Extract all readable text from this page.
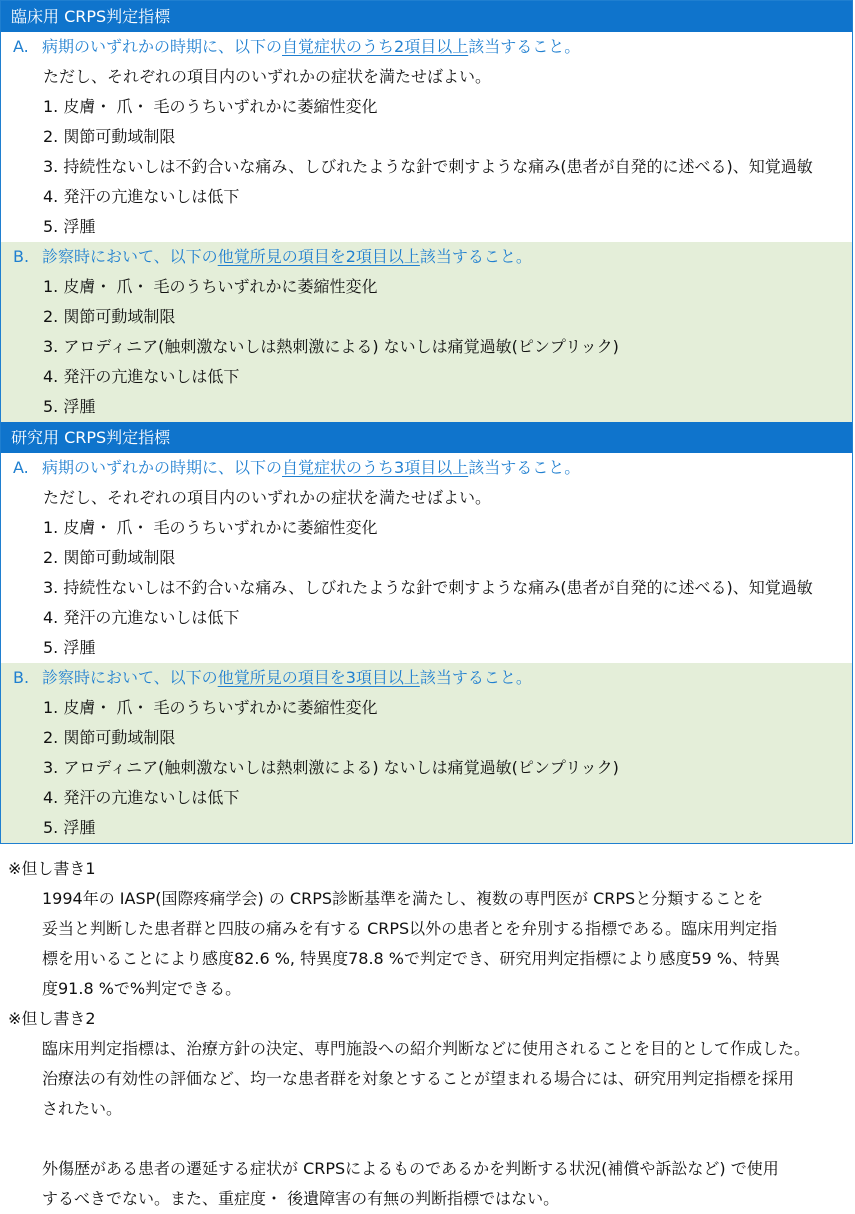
臨床用 CRPS判定指標
A. 病期のいずれかの時期に、以下の自覚症状のうち2項目以上該当すること。
ただし、それぞれの項目内のいずれかの症状を満たせばよい。
1. 皮膚・ 爪・ 毛のうちいずれかに萎縮性変化
2. 関節可動域制限
3. 持続性ないしは不釣合いな痛み、しびれたような針で刺すような痛み(患者が自発的に述べる)、知覚過敏
4. 発汗の亢進ないしは低下
5. 浮腫
B. 診察時において、以下の他覚所見の項目を2項目以上該当すること。
1. 皮膚・ 爪・ 毛のうちいずれかに萎縮性変化
2. 関節可動域制限
3. アロディニア(触刺激ないしは熱刺激による) ないしは痛覚過敏(ピンプリック)
4. 発汗の亢進ないしは低下
5. 浮腫
研究用 CRPS判定指標
A. 病期のいずれかの時期に、以下の自覚症状のうち3項目以上該当すること。
ただし、それぞれの項目内のいずれかの症状を満たせばよい。
1. 皮膚・ 爪・ 毛のうちいずれかに萎縮性変化
2. 関節可動域制限
3. 持続性ないしは不釣合いな痛み、しびれたような針で刺すような痛み(患者が自発的に述べる)、知覚過敏
4. 発汗の亢進ないしは低下
5. 浮腫
B. 診察時において、以下の他覚所見の項目を3項目以上該当すること。
1. 皮膚・ 爪・ 毛のうちいずれかに萎縮性変化
2. 関節可動域制限
3. アロディニア(触刺激ないしは熱刺激による) ないしは痛覚過敏(ピンプリック)
4. 発汗の亢進ないしは低下
5. 浮腫
※但し書き1
1994年の IASP(国際疼痛学会) の CRPS診断基準を満たし、複数の専門医が CRPSと分類することを
妥当と判断した患者群と四肢の痛みを有する CRPS以外の患者とを弁別する指標である。臨床用判定指
標を用いることにより感度82.6 %, 特異度78.8 %で判定でき、研究用判定指標により感度59 %、特異
度91.8 %で%判定できる。
※但し書き2
臨床用判定指標は、治療方針の決定、専門施設への紹介判断などに使用されることを目的として作成した。
治療法の有効性の評価など、均一な患者群を対象とすることが望まれる場合には、研究用判定指標を採用
されたい。
外傷歴がある患者の遷延する症状が CRPSによるものであるかを判断する状況(補償や訴訟など) で使用
するべきでない。また、重症度・ 後遺障害の有無の判断指標ではない。
